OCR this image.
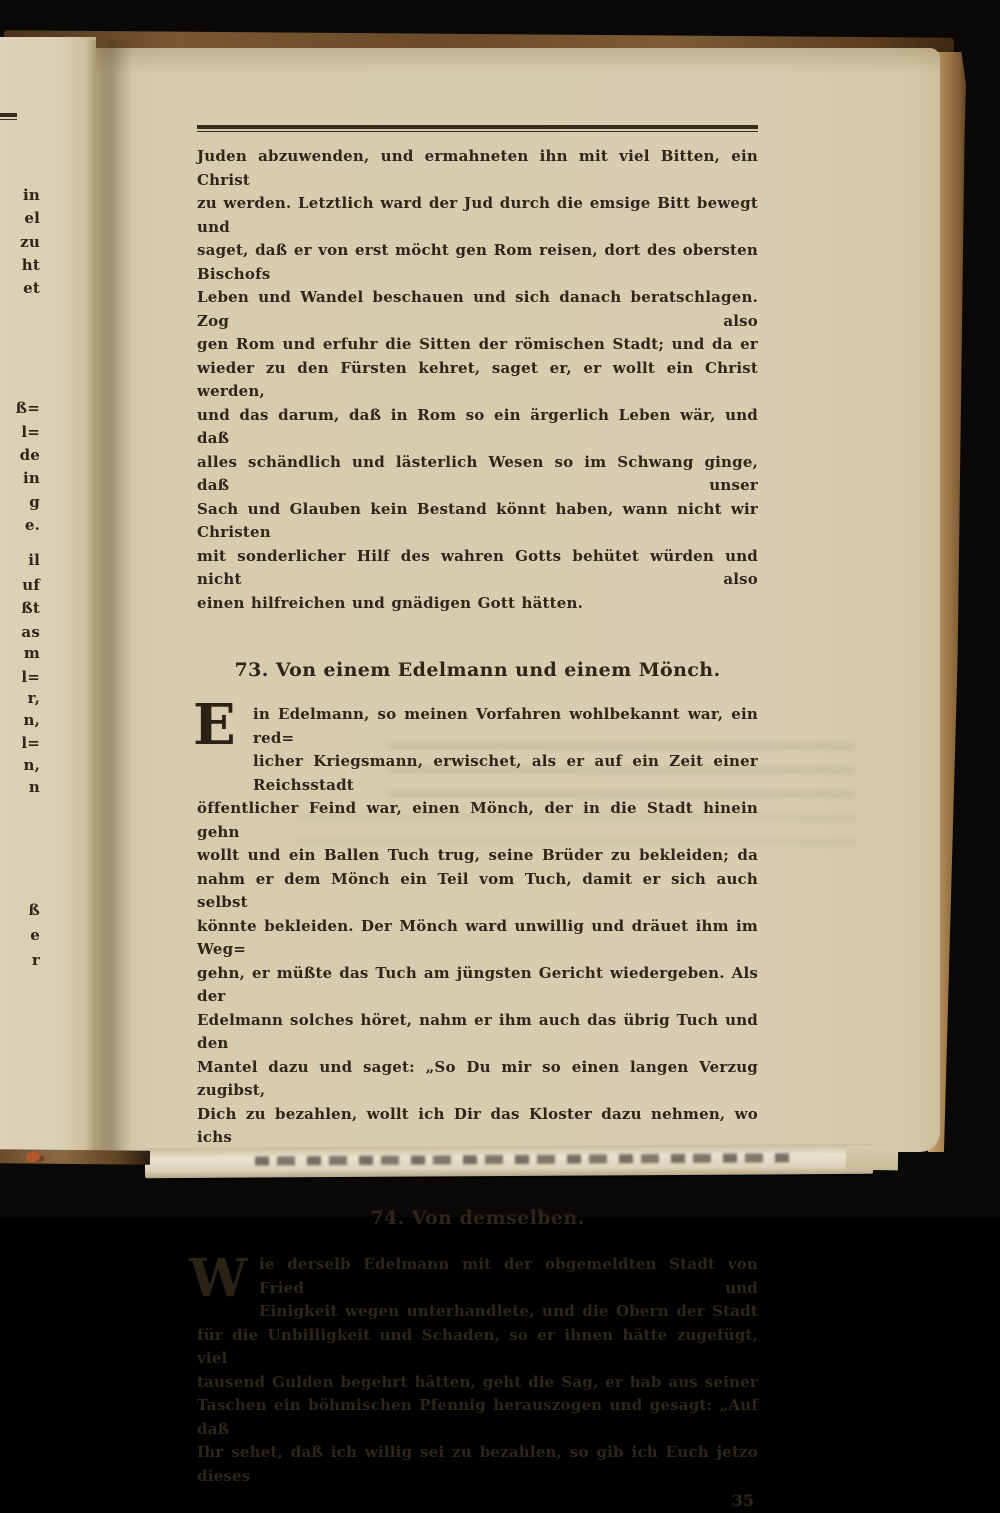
in
el
zu
ht
et
ß=
l=
de
in
g
e.
il
uf
ßt
as
m
l=
r,
n,
l=
n,
n
ß
e
r
Juden abzuwenden, und ermahneten ihn mit viel Bitten, ein Christ
zu werden. Letztlich ward der Jud durch die emsige Bitt bewegt und
saget, daß er von erst möcht gen Rom reisen, dort des obersten Bischofs
Leben und Wandel beschauen und sich danach beratschlagen. Zog also
gen Rom und erfuhr die Sitten der römischen Stadt; und da er
wieder zu den Fürsten kehret, saget er, er wollt ein Christ werden,
und das darum, daß in Rom so ein ärgerlich Leben wär, und daß
alles schändlich und lästerlich Wesen so im Schwang ginge, daß unser
Sach und Glauben kein Bestand könnt haben, wann nicht wir Christen
mit sonderlicher Hilf des wahren Gotts behütet würden und nicht also
einen hilfreichen und gnädigen Gott hätten.
73. Von einem Edelmann und einem Mönch.
E	in Edelmann, so meinen Vorfahren wohlbekannt war, ein red=
licher Kriegsmann, erwischet, als er auf ein Zeit einer Reichsstadt
öffentlicher Feind war, einen Mönch, der in die Stadt hinein gehn
wollt und ein Ballen Tuch trug, seine Brüder zu bekleiden; da
nahm er dem Mönch ein Teil vom Tuch, damit er sich auch selbst
könnte bekleiden. Der Mönch ward unwillig und dräuet ihm im Weg=
gehn, er müßte das Tuch am jüngsten Gericht wiedergeben. Als der
Edelmann solches höret, nahm er ihm auch das übrig Tuch und den
Mantel dazu und saget: „So Du mir so einen langen Verzug zugibst,
Dich zu bezahlen, wollt ich Dir das Kloster dazu nehmen, wo ichs
74. Von demselben.
W ie derselb Edelmann mit der obgemeldten Stadt von Fried und
Einigkeit wegen unterhandlete, und die Obern der Stadt
für die Unbilligkeit und Schaden, so er ihnen hätte zugefügt, viel
tausend Gulden begehrt hätten, geht die Sag, er hab aus seiner
Taschen ein böhmischen Pfennig herauszogen und gesagt: „Auf daß
Ihr sehet, daß ich willig sei zu bezahlen, so gib ich Euch jetzo dieses
35
